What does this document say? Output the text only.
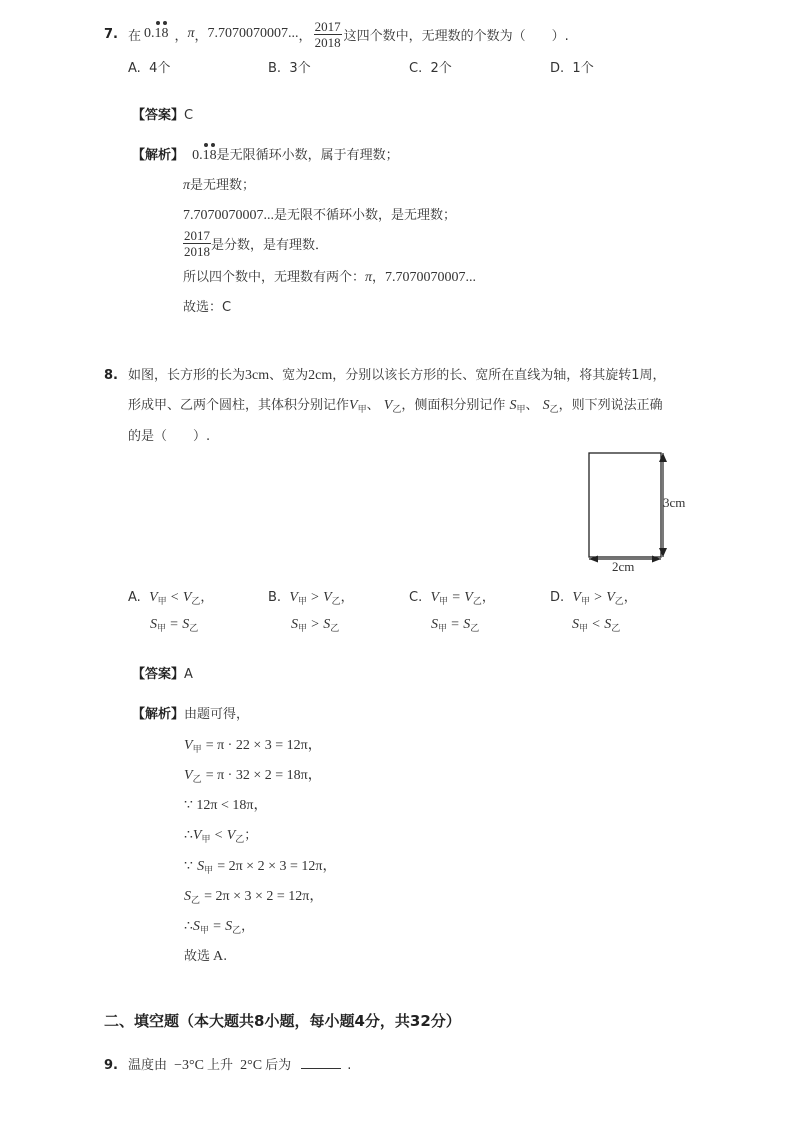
7. 在 0.18 ， π ， 7.7070070007... ， $\frac{2017}{2018}$ 这四个数中，无理数的个数为（　　）.
A. 4个	B. 3个	C. 2个	D. 1个
【答案】C
【解析】 0.18是无限循环小数，属于有理数；
π是无理数；
7.7070070007...是无限不循环小数，是无理数；
$\frac{2017}{2018}$ 是分数，是有理数．
所以四个数中，无理数有两个：π，7.7070070007...
故选：C
8. 如图，长方形的长为3cm、宽为2cm，分别以该长方形的长、宽所在直线为轴，将其旋转1周，
形成甲、乙两个圆柱，其体积分别记作$V_甲$、 $V_乙$，侧面积分别记作 $S_甲$、 $S_乙$，则下列说法正确
的是（　　）.
3cm
2cm
A. $V_甲 < V_乙$，
$S_甲 = S_乙$
B. $V_甲 > V_乙$，
$S_甲 > S_乙$
C. $V_甲 = V_乙$，
$S_甲 = S_乙$
D. $V_甲 > V_乙$，
$S_甲 < S_乙$
【答案】A
【解析】由题可得，
$V_甲 = \pi \cdot 22 \times 3 = 12\pi$，
$V_乙 = \pi \cdot 32 \times 2 = 18\pi$，
∵ 12π < 18π，
$\therefore V_甲 < V_乙$；
∵ $S_甲 = 2\pi \times 2 \times 3 = 12\pi$，
$S_乙 = 2\pi \times 3 \times 2 = 12\pi$，
$\therefore S_甲 = S_乙$，
故选 A.
二、填空题（本大题共8小题，每小题4分，共32分）
9. 温度由 −3°C 上升 2°C 后为	.
